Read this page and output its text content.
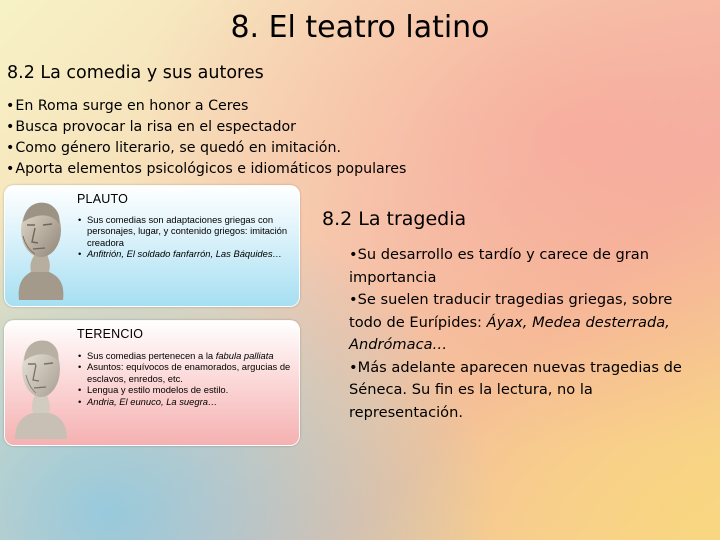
8. El teatro latino
8.2 La comedia y sus autores
• En Roma surge en honor a Ceres
• Busca provocar la risa en el espectador
• Como género literario, se quedó en imitación.
• Aporta elementos psicológicos e idiomáticos populares
PLAUTO
• Sus comedias son adaptaciones griegas con personajes, lugar, y contenido griegos: imitación creadora
• Anfitrión, El soldado fanfarrón, Las Báquides…
TERENCIO
• Sus comedias pertenecen a la fabula palliata
• Asuntos: equívocos de enamorados, argucias de esclavos, enredos, etc.
• Lengua y estilo modelos de estilo.
• Andria, El eunuco, La suegra…
8.2 La tragedia
•Su desarrollo es tardío y carece de gran importancia
•Se suelen traducir tragedias griegas, sobre todo de Eurípides: Áyax, Medea desterrada, Andrómaca…
•Más adelante aparecen nuevas tragedias de Séneca. Su fin es la lectura, no la representación.
